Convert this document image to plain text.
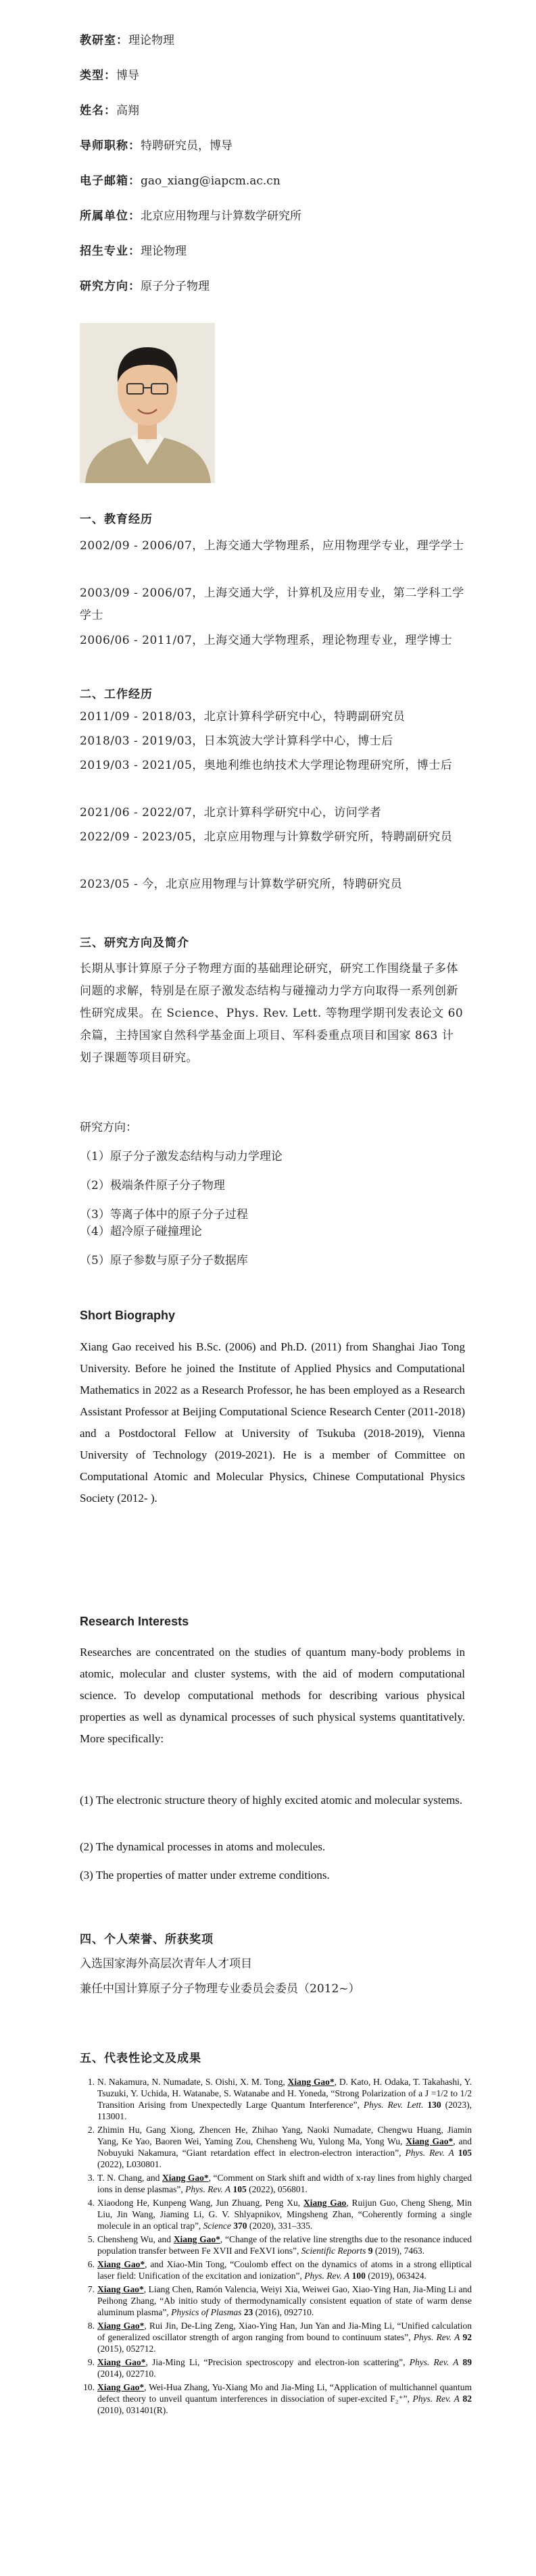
教研室：理论物理
类型：博导
姓名：高翔
导师职称：特聘研究员，博导
电子邮箱：gao_xiang@iapcm.ac.cn
所属单位：北京应用物理与计算数学研究所
招生专业：理论物理
研究方向：原子分子物理
一、教育经历
2002/09 - 2006/07，上海交通大学物理系，应用物理学专业，理学学士
2003/09 - 2006/07，上海交通大学，计算机及应用专业，第二学科工学学士
2006/06 - 2011/07，上海交通大学物理系，理论物理专业，理学博士
二、工作经历
2011/09 - 2018/03，北京计算科学研究中心，特聘副研究员
2018/03 - 2019/03，日本筑波大学计算科学中心，博士后
2019/03 - 2021/05，奥地利维也纳技术大学理论物理研究所，博士后
2021/06 - 2022/07，北京计算科学研究中心，访问学者
2022/09 - 2023/05，北京应用物理与计算数学研究所，特聘副研究员
2023/05 - 今，北京应用物理与计算数学研究所，特聘研究员
三、研究方向及简介
长期从事计算原子分子物理方面的基础理论研究，研究工作围绕量子多体问题的求解，特别是在原子激发态结构与碰撞动力学方向取得一系列创新性研究成果。在 Science、Phys. Rev. Lett. 等物理学期刊发表论文 60 余篇，主持国家自然科学基金面上项目、军科委重点项目和国家 863 计划子课题等项目研究。
研究方向：
（1）原子分子激发态结构与动力学理论
（2）极端条件原子分子物理
（3）等离子体中的原子分子过程
（4）超冷原子碰撞理论
（5）原子参数与原子分子数据库
Short Biography
Xiang Gao received his B.Sc. (2006) and Ph.D. (2011) from Shanghai Jiao Tong University. Before he joined the Institute of Applied Physics and Computational Mathematics in 2022 as a Research Professor, he has been employed as a Research Assistant Professor at Beijing Computational Science Research Center (2011-2018) and a Postdoctoral Fellow at University of Tsukuba (2018-2019), Vienna University of Technology (2019-2021). He is a member of Committee on Computational Atomic and Molecular Physics, Chinese Computational Physics Society (2012- ).
Research Interests
Researches are concentrated on the studies of quantum many-body problems in atomic, molecular and cluster systems, with the aid of modern computational science. To develop computational methods for describing various physical properties as well as dynamical processes of such physical systems quantitatively. More specifically:
(1) The electronic structure theory of highly excited atomic and molecular systems.
(2) The dynamical processes in atoms and molecules.
(3) The properties of matter under extreme conditions.
四、个人荣誉、所获奖项
入选国家海外高层次青年人才项目
兼任中国计算原子分子物理专业委员会委员（2012~）
五、代表性论文及成果
1. N. Nakamura, N. Numadate, S. Oishi, X. M. Tong, Xiang Gao*, D. Kato, H. Odaka, T. Takahashi, Y. Tsuzuki, Y. Uchida, H. Watanabe, S. Watanabe and H. Yoneda, “Strong Polarization of a J =1/2 to 1/2 Transition Arising from Unexpectedly Large Quantum Interference”, Phys. Rev. Lett. 130 (2023), 113001.
2. Zhimin Hu, Gang Xiong, Zhencen He, Zhihao Yang, Naoki Numadate, Chengwu Huang, Jiamin Yang, Ke Yao, Baoren Wei, Yaming Zou, Chensheng Wu, Yulong Ma, Yong Wu, Xiang Gao*, and Nobuyuki Nakamura, “Giant retardation effect in electron-electron interaction”, Phys. Rev. A 105 (2022), L030801.
3. T. N. Chang, and Xiang Gao*, “Comment on Stark shift and width of x-ray lines from highly charged ions in dense plasmas”, Phys. Rev. A 105 (2022), 056801.
4. Xiaodong He, Kunpeng Wang, Jun Zhuang, Peng Xu, Xiang Gao, Ruijun Guo, Cheng Sheng, Min Liu, Jin Wang, Jiaming Li, G. V. Shlyapnikov, Mingsheng Zhan, “Coherently forming a single molecule in an optical trap”, Science 370 (2020), 331–335.
5. Chensheng Wu, and Xiang Gao*, “Change of the relative line strengths due to the resonance induced population transfer between Fe XVII and FeXVI ions”, Scientific Reports 9 (2019), 7463.
6. Xiang Gao*, and Xiao-Min Tong, “Coulomb effect on the dynamics of atoms in a strong elliptical laser field: Unification of the excitation and ionization”, Phys. Rev. A 100 (2019), 063424.
7. Xiang Gao*, Liang Chen, Ramón Valencia, Weiyi Xia, Weiwei Gao, Xiao-Ying Han, Jia-Ming Li and Peihong Zhang, “Ab initio study of thermodynamically consistent equation of state of warm dense aluminum plasma”, Physics of Plasmas 23 (2016), 092710.
8. Xiang Gao*, Rui Jin, De-Ling Zeng, Xiao-Ying Han, Jun Yan and Jia-Ming Li, “Unified calculation of generalized oscillator strength of argon ranging from bound to continuum states”, Phys. Rev. A 92 (2015), 052712.
9. Xiang Gao*, Jia-Ming Li, “Precision spectroscopy and electron-ion scattering”, Phys. Rev. A 89 (2014), 022710.
10. Xiang Gao*, Wei-Hua Zhang, Yu-Xiang Mo and Jia-Ming Li, “Application of multichannel quantum defect theory to unveil quantum interferences in dissociation of super-excited F₂⁺”, Phys. Rev. A 82 (2010), 031401(R).
